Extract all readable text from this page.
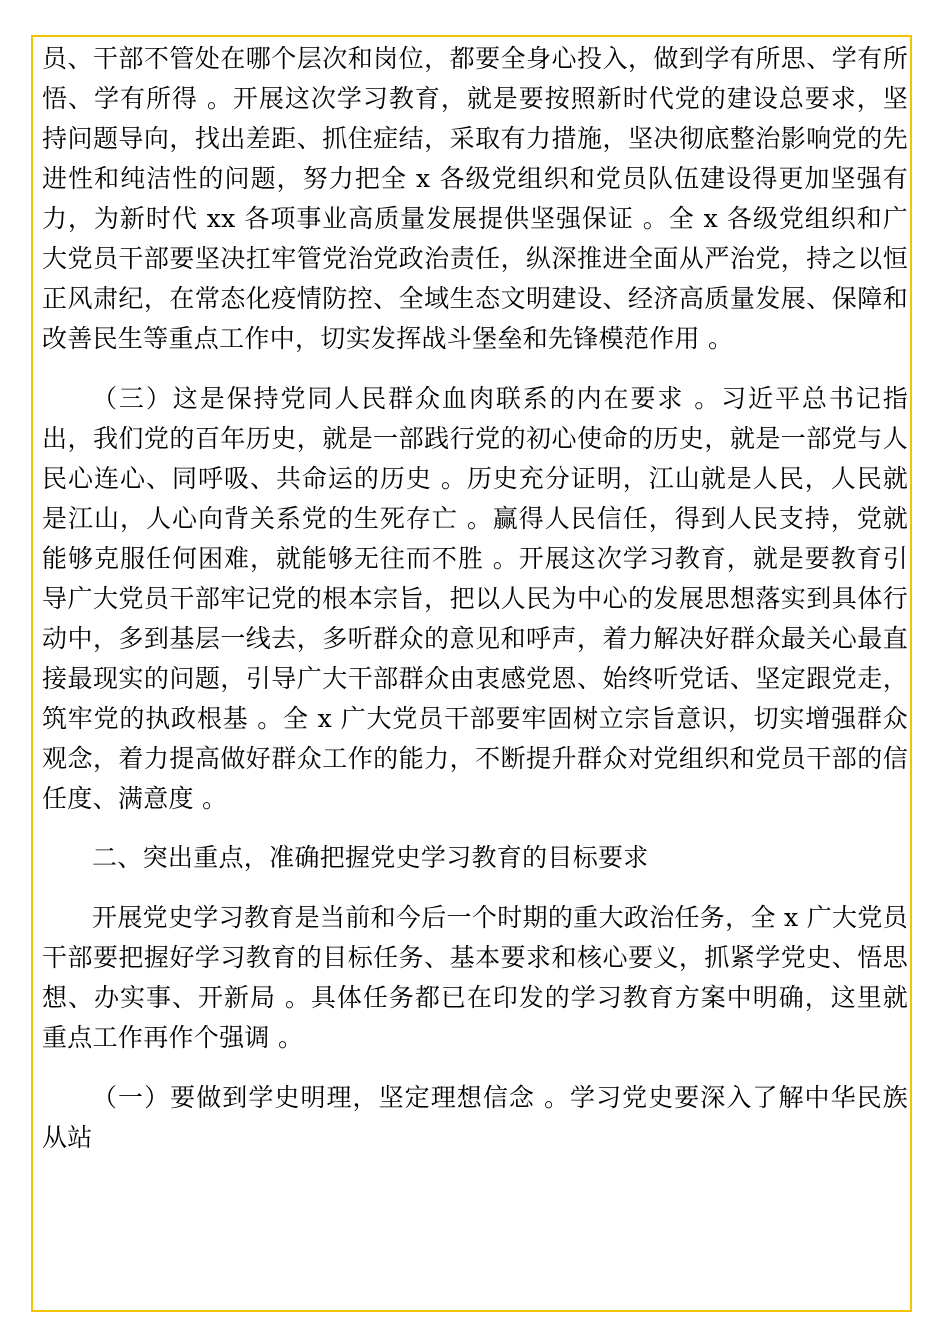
员、干部不管处在哪个层次和岗位，都要全身心投入，做到学有所思、学有所悟、学有所得 。开展这次学习教育，就是要按照新时代党的建设总要求，坚持问题导向，找出差距、抓住症结，采取有力措施，坚决彻底整治影响党的先进性和纯洁性的问题，努力把全 x 各级党组织和党员队伍建设得更加坚强有力，为新时代 xx 各项事业高质量发展提供坚强保证 。全 x 各级党组织和广大党员干部要坚决扛牢管党治党政治责任，纵深推进全面从严治党，持之以恒正风肃纪，在常态化疫情防控、全域生态文明建设、经济高质量发展、保障和改善民生等重点工作中，切实发挥战斗堡垒和先锋模范作用 。

（三）这是保持党同人民群众血肉联系的内在要求 。习近平总书记指出，我们党的百年历史，就是一部践行党的初心使命的历史，就是一部党与人民心连心、同呼吸、共命运的历史 。历史充分证明，江山就是人民，人民就是江山，人心向背关系党的生死存亡 。赢得人民信任，得到人民支持，党就能够克服任何困难，就能够无往而不胜 。开展这次学习教育，就是要教育引导广大党员干部牢记党的根本宗旨，把以人民为中心的发展思想落实到具体行动中，多到基层一线去，多听群众的意见和呼声，着力解决好群众最关心最直接最现实的问题，引导广大干部群众由衷感党恩、始终听党话、坚定跟党走，筑牢党的执政根基 。全 x 广大党员干部要牢固树立宗旨意识，切实增强群众观念，着力提高做好群众工作的能力，不断提升群众对党组织和党员干部的信任度、满意度 。

二、突出重点，准确把握党史学习教育的目标要求

开展党史学习教育是当前和今后一个时期的重大政治任务，全 x 广大党员干部要把握好学习教育的目标任务、基本要求和核心要义，抓紧学党史、悟思想、办实事、开新局 。具体任务都已在印发的学习教育方案中明确，这里就重点工作再作个强调 。

（一）要做到学史明理，坚定理想信念 。学习党史要深入了解中华民族从站
